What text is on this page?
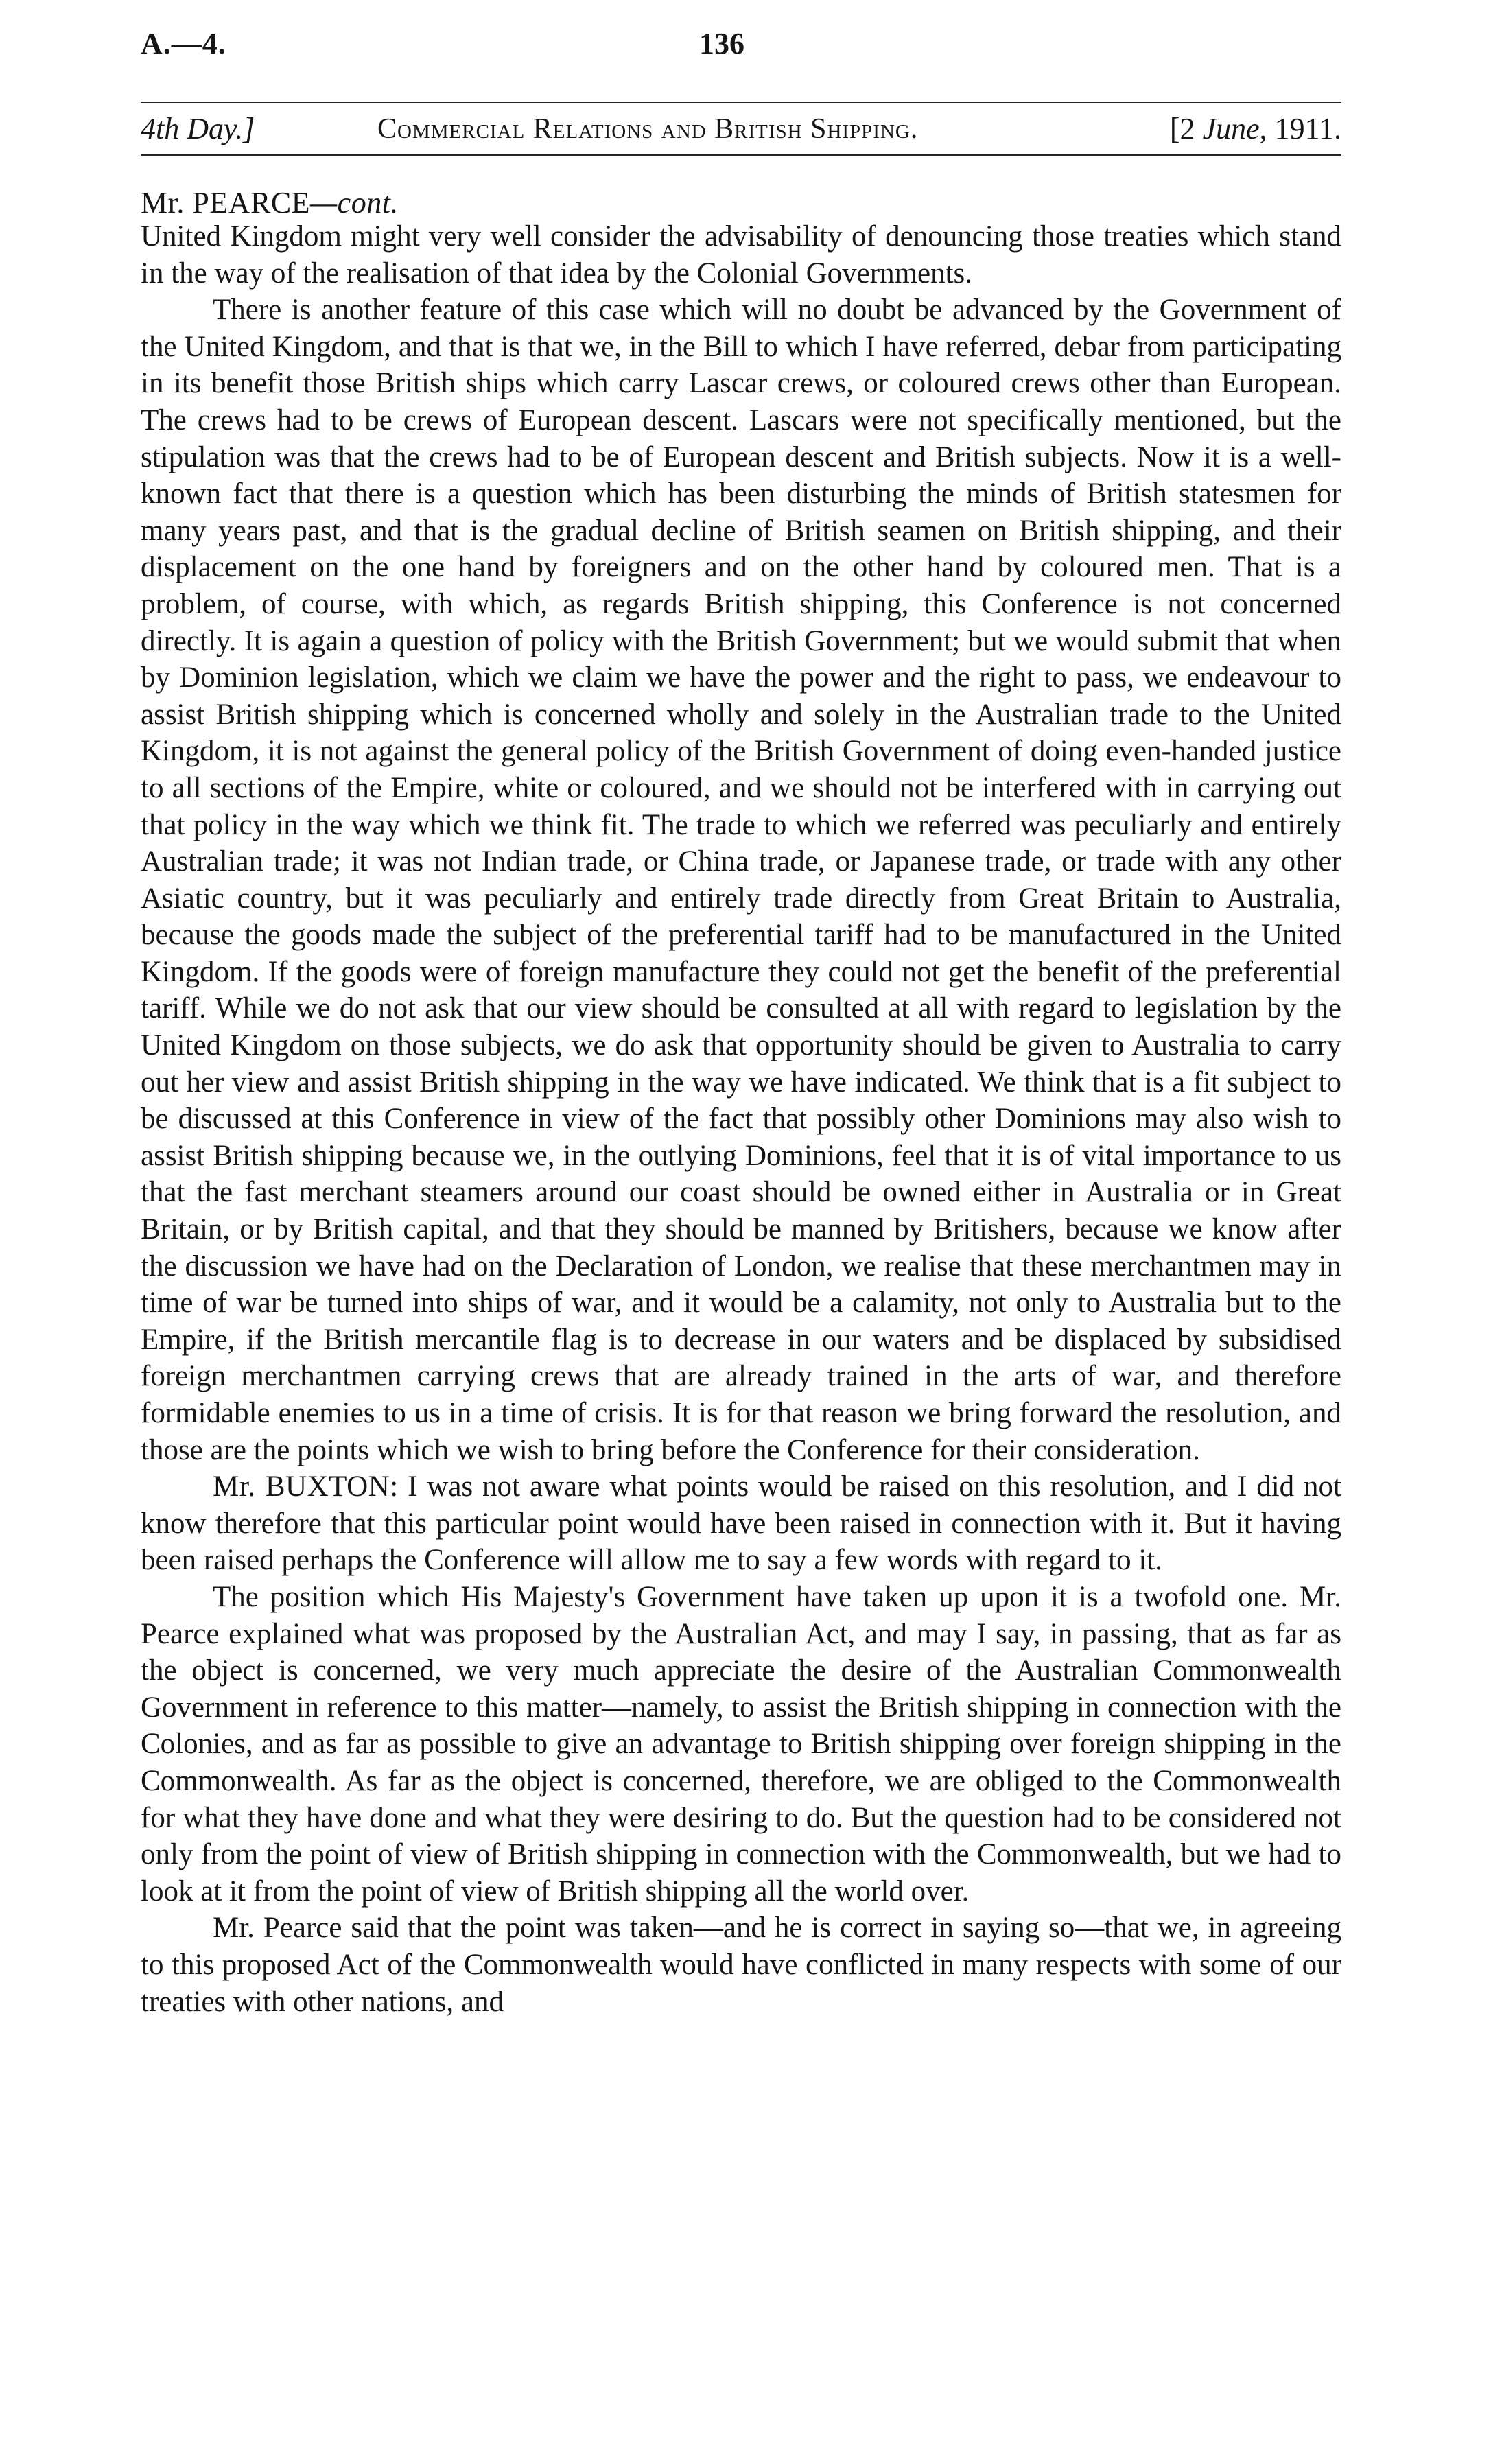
A.—4.	136
4th Day.]	Commercial Relations and British Shipping.	[2 June, 1911.
Mr. PEARCE—cont.

United Kingdom might very well consider the advisability of denouncing those treaties which stand in the way of the realisation of that idea by the Colonial Governments.

There is another feature of this case which will no doubt be advanced by the Government of the United Kingdom, and that is that we, in the Bill to which I have referred, debar from participating in its benefit those British ships which carry Lascar crews, or coloured crews other than European. The crews had to be crews of European descent. Lascars were not specifically mentioned, but the stipulation was that the crews had to be of European descent and British subjects. Now it is a well-known fact that there is a question which has been disturbing the minds of British statesmen for many years past, and that is the gradual decline of British seamen on British shipping, and their displacement on the one hand by foreigners and on the other hand by coloured men. That is a problem, of course, with which, as regards British shipping, this Conference is not concerned directly. It is again a question of policy with the British Government; but we would submit that when by Dominion legislation, which we claim we have the power and the right to pass, we endeavour to assist British shipping which is concerned wholly and solely in the Australian trade to the United Kingdom, it is not against the general policy of the British Government of doing even-handed justice to all sections of the Empire, white or coloured, and we should not be interfered with in carrying out that policy in the way which we think fit. The trade to which we referred was peculiarly and entirely Australian trade; it was not Indian trade, or China trade, or Japanese trade, or trade with any other Asiatic country, but it was peculiarly and entirely trade directly from Great Britain to Australia, because the goods made the subject of the preferential tariff had to be manufactured in the United Kingdom. If the goods were of foreign manufacture they could not get the benefit of the preferential tariff. While we do not ask that our view should be consulted at all with regard to legislation by the United Kingdom on those subjects, we do ask that opportunity should be given to Australia to carry out her view and assist British shipping in the way we have indicated. We think that is a fit subject to be discussed at this Conference in view of the fact that possibly other Dominions may also wish to assist British shipping because we, in the outlying Dominions, feel that it is of vital importance to us that the fast merchant steamers around our coast should be owned either in Australia or in Great Britain, or by British capital, and that they should be manned by Britishers, because we know after the discussion we have had on the Declaration of London, we realise that these merchantmen may in time of war be turned into ships of war, and it would be a calamity, not only to Australia but to the Empire, if the British mercantile flag is to decrease in our waters and be displaced by subsidised foreign merchantmen carrying crews that are already trained in the arts of war, and therefore formidable enemies to us in a time of crisis. It is for that reason we bring forward the resolution, and those are the points which we wish to bring before the Conference for their consideration.

Mr. BUXTON: I was not aware what points would be raised on this resolution, and I did not know therefore that this particular point would have been raised in connection with it. But it having been raised perhaps the Conference will allow me to say a few words with regard to it.

The position which His Majesty's Government have taken up upon it is a twofold one. Mr. Pearce explained what was proposed by the Australian Act, and may I say, in passing, that as far as the object is concerned, we very much appreciate the desire of the Australian Commonwealth Government in reference to this matter—namely, to assist the British shipping in connection with the Colonies, and as far as possible to give an advantage to British shipping over foreign shipping in the Commonwealth. As far as the object is concerned, therefore, we are obliged to the Commonwealth for what they have done and what they were desiring to do. But the question had to be considered not only from the point of view of British shipping in connection with the Commonwealth, but we had to look at it from the point of view of British shipping all the world over.

Mr. Pearce said that the point was taken—and he is correct in saying so—that we, in agreeing to this proposed Act of the Commonwealth would have conflicted in many respects with some of our treaties with other nations, and
